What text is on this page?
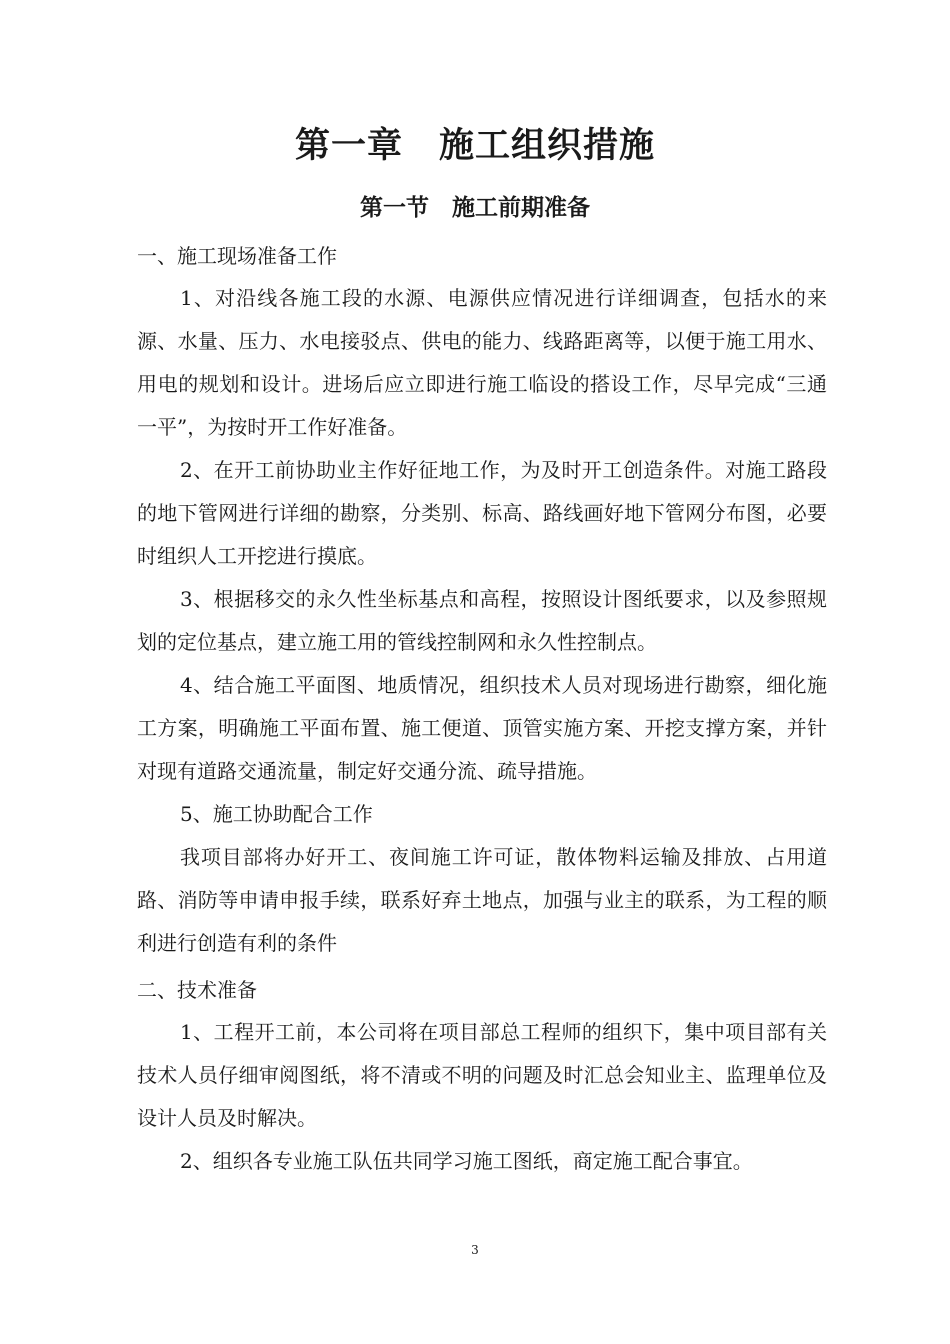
第一章　施工组织措施
第一节　施工前期准备
一、施工现场准备工作

1、对沿线各施工段的水源、电源供应情况进行详细调查，包括水的来源、水量、压力、水电接驳点、供电的能力、线路距离等，以便于施工用水、用电的规划和设计。进场后应立即进行施工临设的搭设工作，尽早完成“三通一平”，为按时开工作好准备。

2、在开工前协助业主作好征地工作，为及时开工创造条件。对施工路段的地下管网进行详细的勘察，分类别、标高、路线画好地下管网分布图，必要时组织人工开挖进行摸底。

3、根据移交的永久性坐标基点和高程，按照设计图纸要求，以及参照规划的定位基点，建立施工用的管线控制网和永久性控制点。

4、结合施工平面图、地质情况，组织技术人员对现场进行勘察，细化施工方案，明确施工平面布置、施工便道、顶管实施方案、开挖支撑方案，并针对现有道路交通流量，制定好交通分流、疏导措施。

5、施工协助配合工作

我项目部将办好开工、夜间施工许可证，散体物料运输及排放、占用道路、消防等申请申报手续，联系好弃土地点，加强与业主的联系，为工程的顺利进行创造有利的条件

二、技术准备

1、工程开工前，本公司将在项目部总工程师的组织下，集中项目部有关技术人员仔细审阅图纸，将不清或不明的问题及时汇总会知业主、监理单位及设计人员及时解决。

2、组织各专业施工队伍共同学习施工图纸，商定施工配合事宜。

3
